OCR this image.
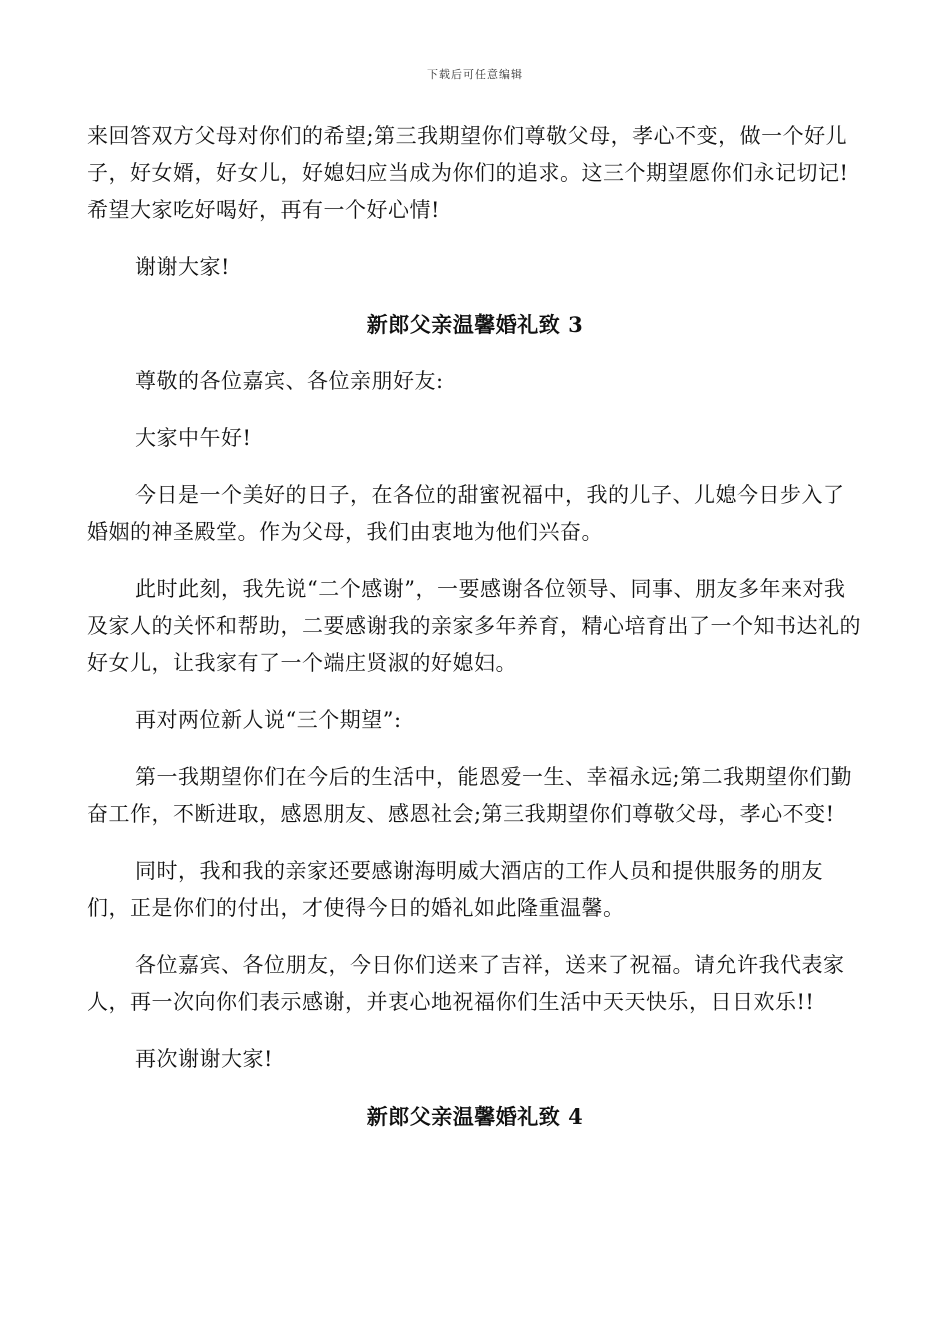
下载后可任意编辑

来回答双方父母对你们的希望;第三我期望你们尊敬父母，孝心不变，做一个好儿子，好女婿，好女儿，好媳妇应当成为你们的追求。这三个期望愿你们永记切记!希望大家吃好喝好，再有一个好心情!

谢谢大家!

新郎父亲温馨婚礼致 3

尊敬的各位嘉宾、各位亲朋好友:

大家中午好!

今日是一个美好的日子，在各位的甜蜜祝福中，我的儿子、儿媳今日步入了婚姻的神圣殿堂。作为父母，我们由衷地为他们兴奋。

此时此刻，我先说“二个感谢”，一要感谢各位领导、同事、朋友多年来对我及家人的关怀和帮助，二要感谢我的亲家多年养育，精心培育出了一个知书达礼的好女儿，让我家有了一个端庄贤淑的好媳妇。

再对两位新人说“三个期望”:

第一我期望你们在今后的生活中，能恩爱一生、幸福永远;第二我期望你们勤奋工作，不断进取，感恩朋友、感恩社会;第三我期望你们尊敬父母，孝心不变!

同时，我和我的亲家还要感谢海明威大酒店的工作人员和提供服务的朋友们，正是你们的付出，才使得今日的婚礼如此隆重温馨。

各位嘉宾、各位朋友，今日你们送来了吉祥，送来了祝福。请允许我代表家人，再一次向你们表示感谢，并衷心地祝福你们生活中天天快乐，日日欢乐!!

再次谢谢大家!

新郎父亲温馨婚礼致 4
